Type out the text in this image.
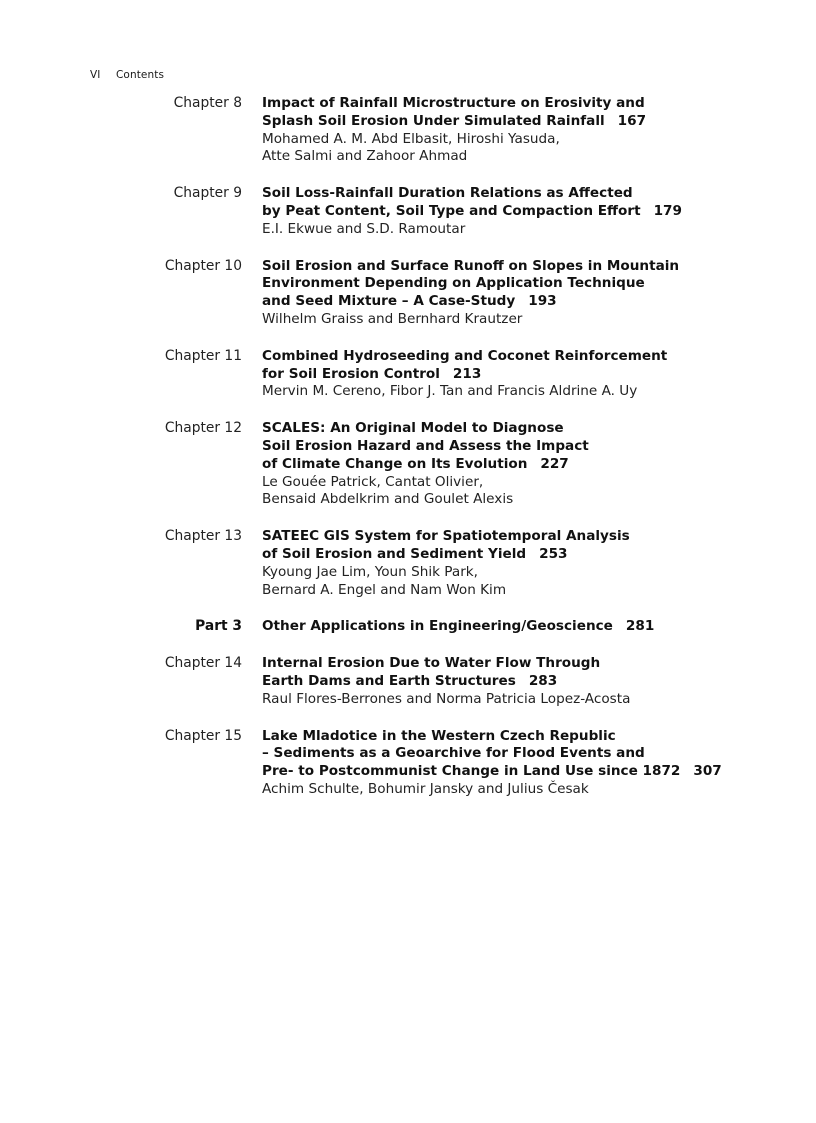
VI Contents
Chapter 8 Impact of Rainfall Microstructure on Erosivity and
Splash Soil Erosion Under Simulated Rainfall 167
Mohamed A. M. Abd Elbasit, Hiroshi Yasuda,
Atte Salmi and Zahoor Ahmad
Chapter 9 Soil Loss-Rainfall Duration Relations as Affected
by Peat Content, Soil Type and Compaction Effort 179
E.I. Ekwue and S.D. Ramoutar
Chapter 10 Soil Erosion and Surface Runoff on Slopes in Mountain
Environment Depending on Application Technique
and Seed Mixture – A Case-Study 193
Wilhelm Graiss and Bernhard Krautzer
Chapter 11 Combined Hydroseeding and Coconet Reinforcement
for Soil Erosion Control 213
Mervin M. Cereno, Fibor J. Tan and Francis Aldrine A. Uy
Chapter 12 SCALES: An Original Model to Diagnose
Soil Erosion Hazard and Assess the Impact
of Climate Change on Its Evolution 227
Le Gouée Patrick, Cantat Olivier,
Bensaid Abdelkrim and Goulet Alexis
Chapter 13 SATEEC GIS System for Spatiotemporal Analysis
of Soil Erosion and Sediment Yield 253
Kyoung Jae Lim, Youn Shik Park,
Bernard A. Engel and Nam Won Kim
Part 3 Other Applications in Engineering/Geoscience 281
Chapter 14 Internal Erosion Due to Water Flow Through
Earth Dams and Earth Structures 283
Raul Flores-Berrones and Norma Patricia Lopez-Acosta
Chapter 15 Lake Mladotice in the Western Czech Republic
– Sediments as a Geoarchive for Flood Events and
Pre- to Postcommunist Change in Land Use since 1872 307
Achim Schulte, Bohumir Jansky and Julius Česak
